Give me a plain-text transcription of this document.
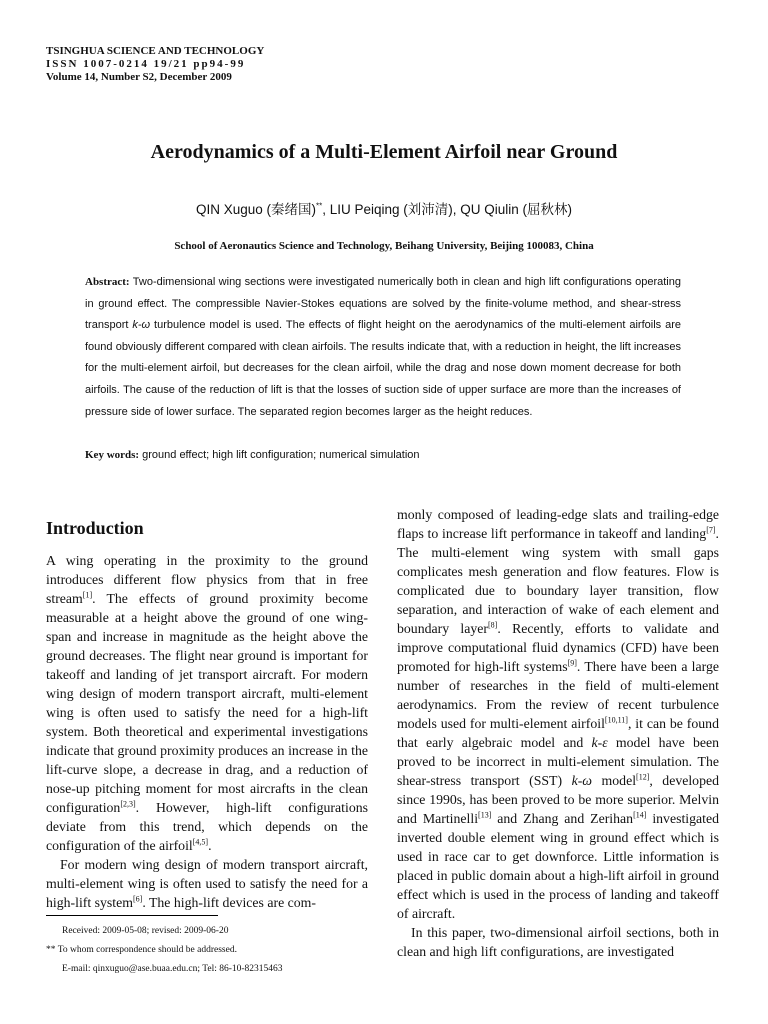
TSINGHUA SCIENCE AND TECHNOLOGY
ISSN 1007-0214 19/21 pp94-99
Volume 14, Number S2, December 2009
Aerodynamics of a Multi-Element Airfoil near Ground
QIN Xuguo (秦绪国)**, LIU Peiqing (刘沛清), QU Qiulin (屈秋林)
School of Aeronautics Science and Technology, Beihang University, Beijing 100083, China
Abstract: Two-dimensional wing sections were investigated numerically both in clean and high lift configurations operating in ground effect. The compressible Navier-Stokes equations are solved by the finite-volume method, and shear-stress transport k-ω turbulence model is used. The effects of flight height on the aerodynamics of the multi-element airfoils are found obviously different compared with clean airfoils. The results indicate that, with a reduction in height, the lift increases for the multi-element airfoil, but decreases for the clean airfoil, while the drag and nose down moment decrease for both airfoils. The cause of the reduction of lift is that the losses of suction side of upper surface are more than the increases of pressure side of lower surface. The separated region becomes larger as the height reduces.
Key words: ground effect; high lift configuration; numerical simulation
Introduction

A wing operating in the proximity to the ground introduces different flow physics from that in free stream[1]. The effects of ground proximity become measurable at a height above the ground of one wing-span and increase in magnitude as the height above the ground decreases. The flight near ground is important for takeoff and landing of jet transport aircraft. For modern wing design of modern transport aircraft, multi-element wing is often used to satisfy the need for a high-lift system. Both theoretical and experimental investigations indicate that ground proximity produces an increase in the lift-curve slope, a decrease in drag, and a reduction of nose-up pitching moment for most aircrafts in the clean configuration[2,3]. However, high-lift configurations deviate from this trend, which depends on the configuration of the airfoil[4,5].

For modern wing design of modern transport aircraft, multi-element wing is often used to satisfy the need for a high-lift system[6]. The high-lift devices are com-

monly composed of leading-edge slats and trailing-edge flaps to increase lift performance in takeoff and landing[7]. The multi-element wing system with small gaps complicates mesh generation and flow features. Flow is complicated due to boundary layer transition, flow separation, and interaction of wake of each element and boundary layer[8]. Recently, efforts to validate and improve computational fluid dynamics (CFD) have been promoted for high-lift systems[9]. There have been a large number of researches in the field of multi-element aerodynamics. From the review of recent turbulence models used for multi-element airfoil[10,11], it can be found that early algebraic model and k-ε model have been proved to be incorrect in multi-element simulation. The shear-stress transport (SST) k-ω model[12], developed since 1990s, has been proved to be more superior. Melvin and Martinelli[13] and Zhang and Zerihan[14] investigated inverted double element wing in ground effect which is used in race car to get downforce. Little information is placed in public domain about a high-lift airfoil in ground effect which is used in the process of landing and takeoff of aircraft.

In this paper, two-dimensional airfoil sections, both in clean and high lift configurations, are investigated

Received: 2009-05-08; revised: 2009-06-20
** To whom correspondence should be addressed.
E-mail: qinxuguo@ase.buaa.edu.cn; Tel: 86-10-82315463
